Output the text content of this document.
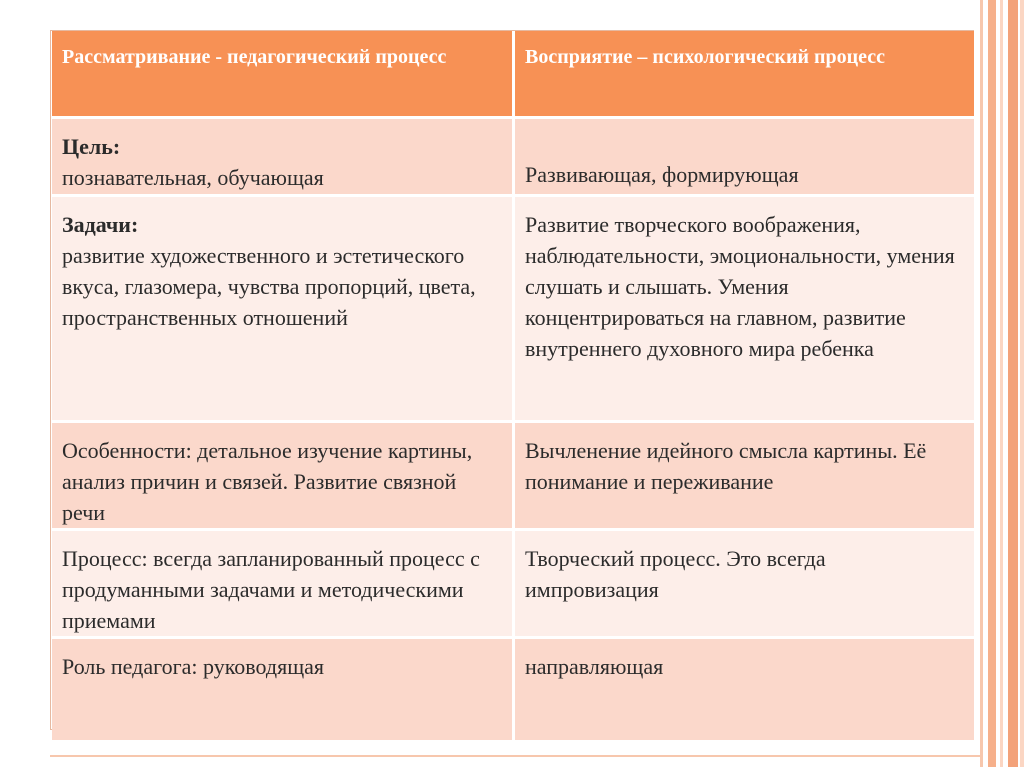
Рассматривание - педагогический процесс	Восприятие – психологический процесс

Цель:
познавательная, обучающая	Развивающая, формирующая

Задачи:
развитие художественного и эстетического вкуса, глазомера, чувства пропорций, цвета, пространственных отношений	Развитие творческого воображения, наблюдательности, эмоциональности, умения слушать и слышать. Умения концентрироваться на главном, развитие внутреннего духовного мира ребенка
Особенности: детальное изучение картины, анализ причин и связей. Развитие связной речи	Вычленение идейного смысла картины. Её понимание и переживание
Процесс: всегда запланированный процесс с продуманными задачами и методическими приемами	Творческий процесс. Это всегда импровизация
Роль педагога: руководящая	направляющая
